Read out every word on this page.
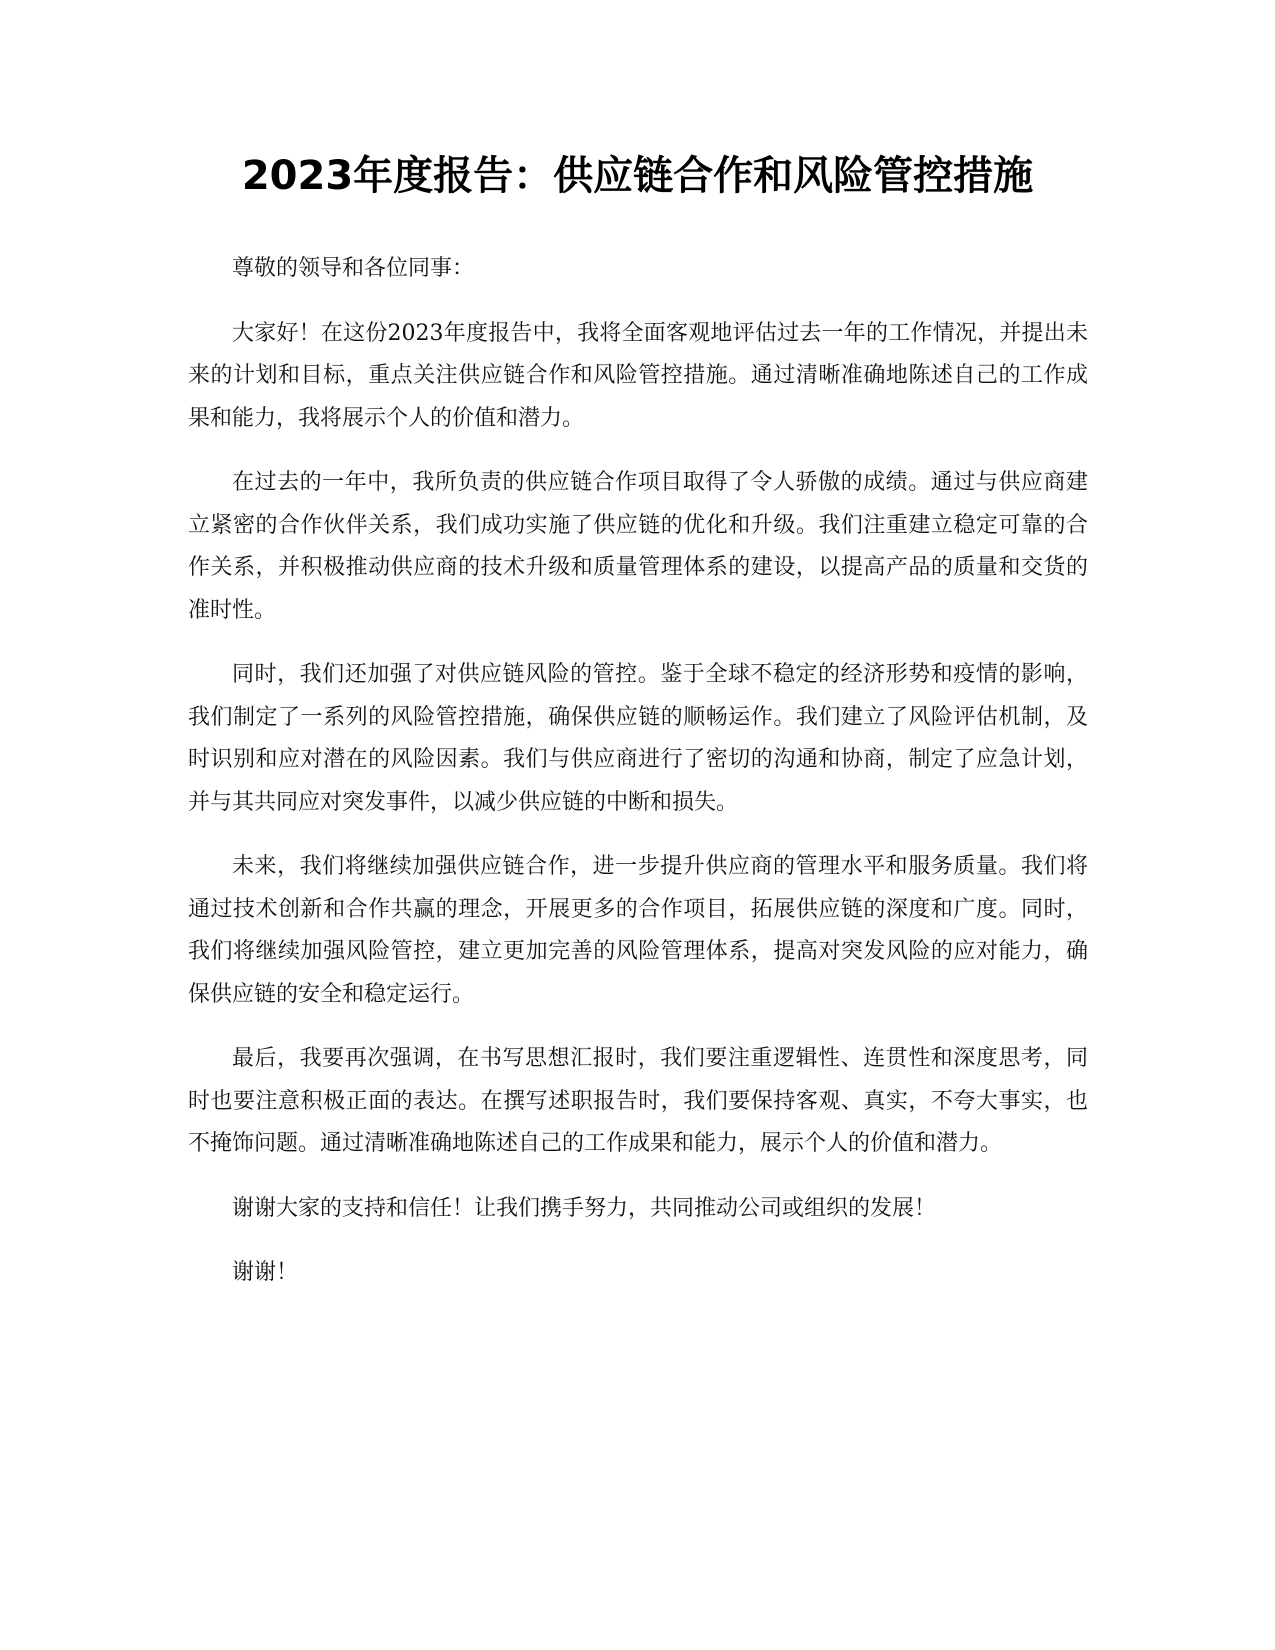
2023年度报告：供应链合作和风险管控措施

尊敬的领导和各位同事：

大家好！在这份2023年度报告中，我将全面客观地评估过去一年的工作情况，并提出未来的计划和目标，重点关注供应链合作和风险管控措施。通过清晰准确地陈述自己的工作成果和能力，我将展示个人的价值和潜力。

在过去的一年中，我所负责的供应链合作项目取得了令人骄傲的成绩。通过与供应商建立紧密的合作伙伴关系，我们成功实施了供应链的优化和升级。我们注重建立稳定可靠的合作关系，并积极推动供应商的技术升级和质量管理体系的建设，以提高产品的质量和交货的准时性。

同时，我们还加强了对供应链风险的管控。鉴于全球不稳定的经济形势和疫情的影响，我们制定了一系列的风险管控措施，确保供应链的顺畅运作。我们建立了风险评估机制，及时识别和应对潜在的风险因素。我们与供应商进行了密切的沟通和协商，制定了应急计划，并与其共同应对突发事件，以减少供应链的中断和损失。

未来，我们将继续加强供应链合作，进一步提升供应商的管理水平和服务质量。我们将通过技术创新和合作共赢的理念，开展更多的合作项目，拓展供应链的深度和广度。同时，我们将继续加强风险管控，建立更加完善的风险管理体系，提高对突发风险的应对能力，确保供应链的安全和稳定运行。

最后，我要再次强调，在书写思想汇报时，我们要注重逻辑性、连贯性和深度思考，同时也要注意积极正面的表达。在撰写述职报告时，我们要保持客观、真实，不夸大事实，也不掩饰问题。通过清晰准确地陈述自己的工作成果和能力，展示个人的价值和潜力。

谢谢大家的支持和信任！让我们携手努力，共同推动公司或组织的发展！

谢谢！
